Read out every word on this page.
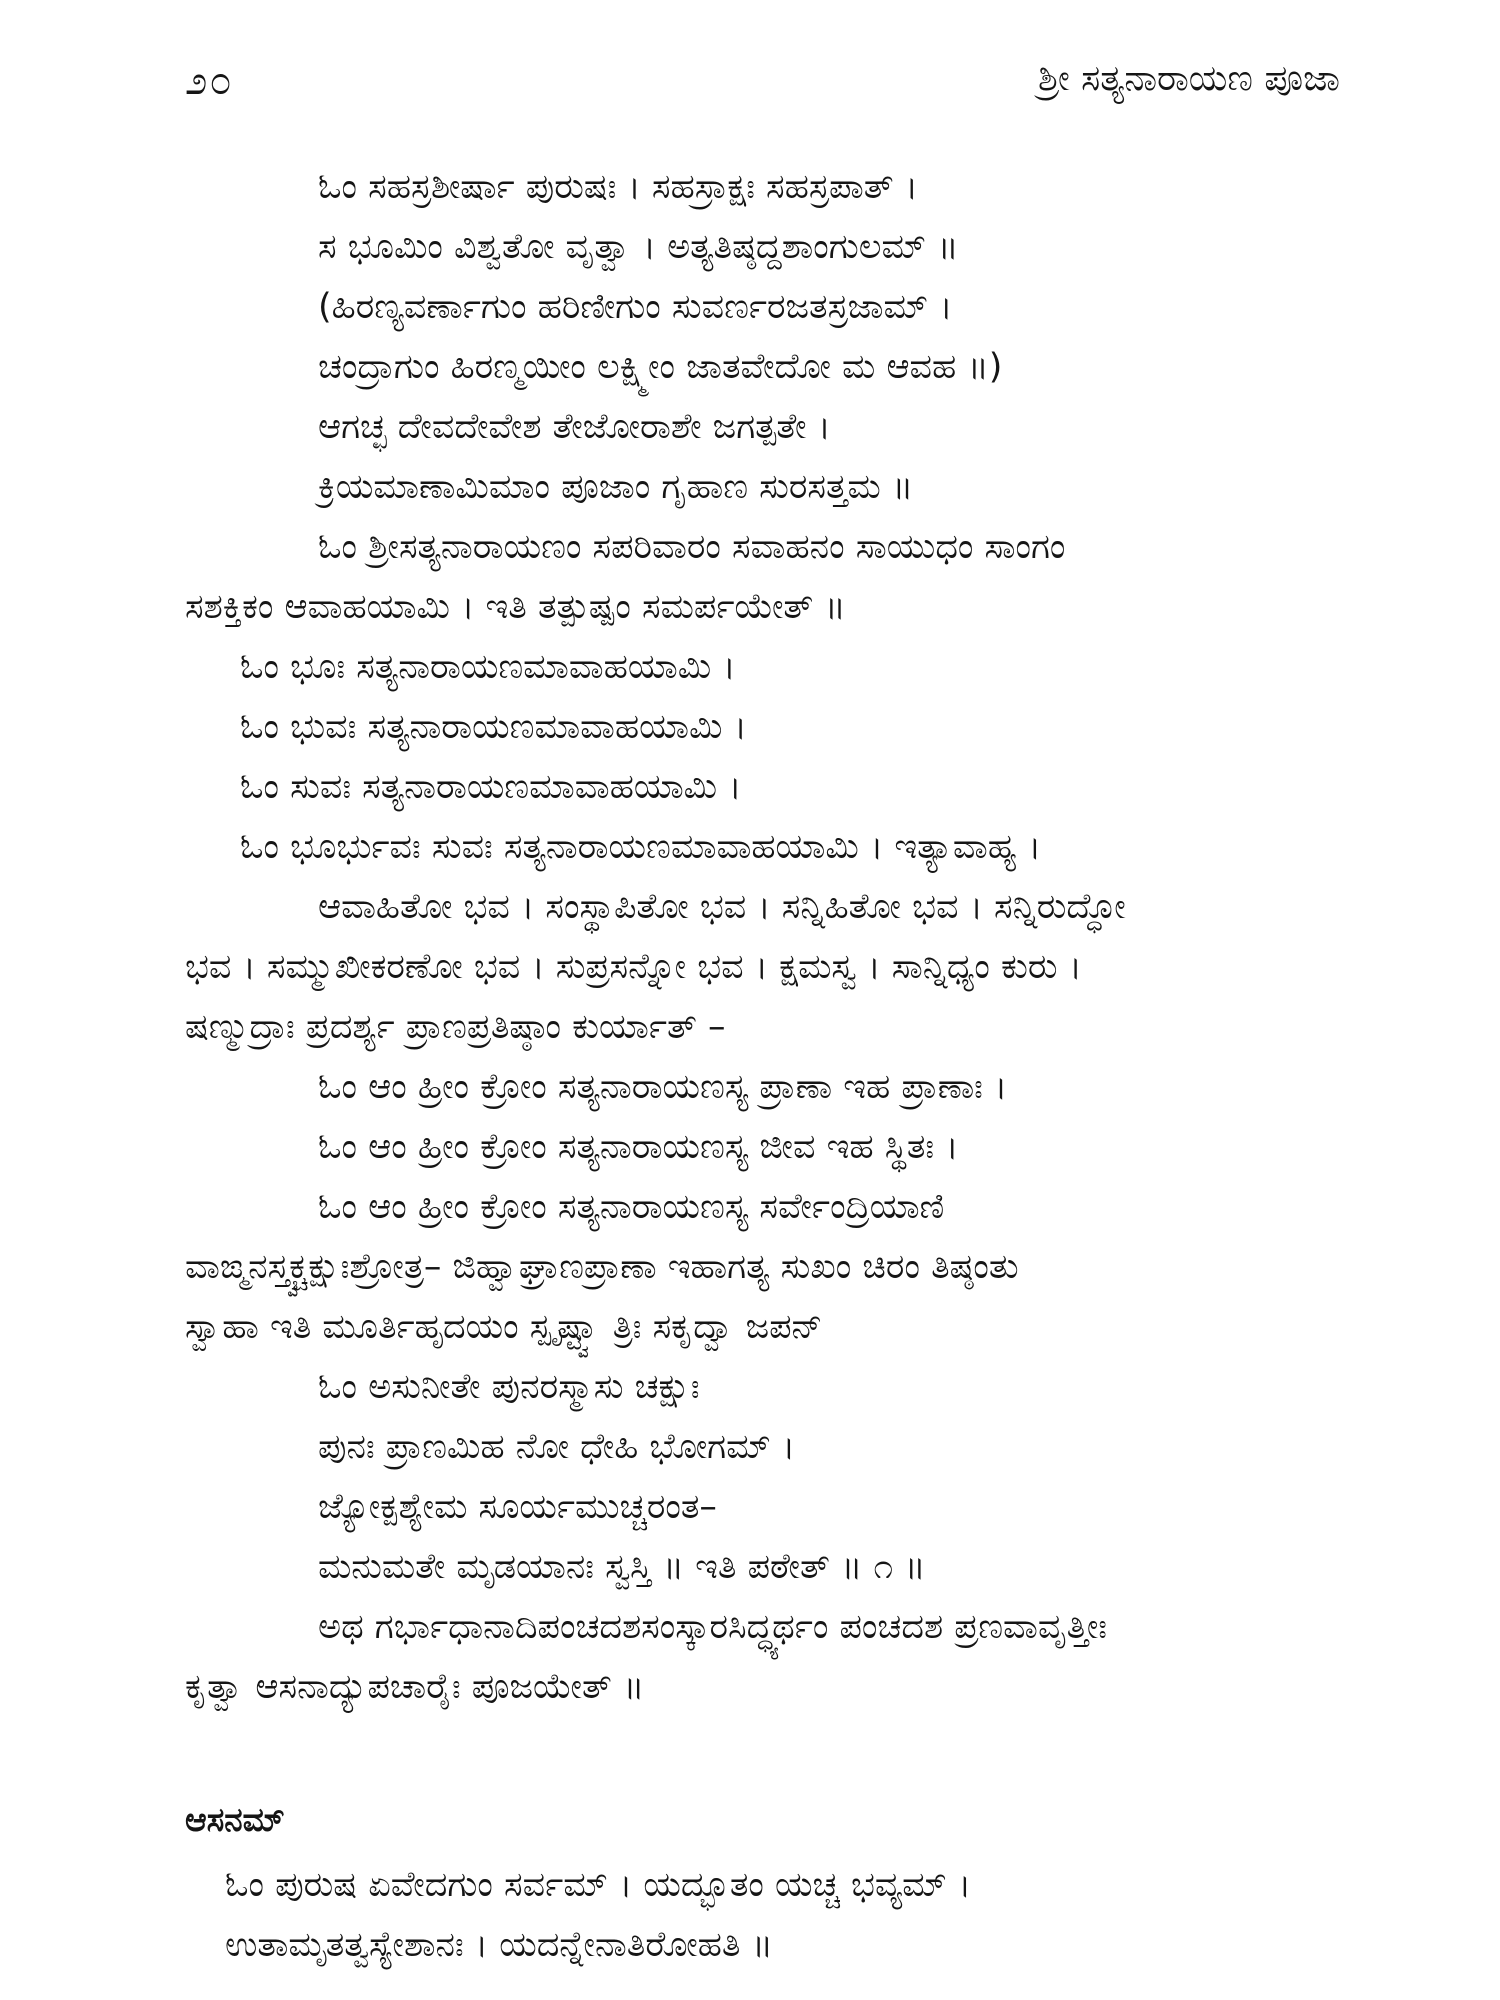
೨೦	ಶ್ರೀ ಸತ್ಯನಾರಾಯಣ ಪೂಜಾ
ಓಂ ಸಹಸ್ರಶೀರ್ಷಾ ಪುರುಷಃ । ಸಹಸ್ರಾಕ್ಷಃ ಸಹಸ್ರಪಾತ್ ।
ಸ ಭೂಮಿಂ ವಿಶ್ವತೋ ವೃತ್ವಾ । ಅತ್ಯತಿಷ್ಠದ್ದಶಾಂಗುಲಮ್ ॥
(ಹಿರಣ್ಯವರ್ಣಾಗುಂ ಹರಿಣೀಗುಂ ಸುವರ್ಣರಜತಸ್ರಜಾಮ್ ।
ಚಂದ್ರಾಗುಂ ಹಿರಣ್ಮಯೀಂ ಲಕ್ಷ್ಮೀಂ ಜಾತವೇದೋ ಮ ಆವಹ ॥)
ಆಗಚ್ಛ ದೇವದೇವೇಶ ತೇಜೋರಾಶೇ ಜಗತ್ಪತೇ ।
ಕ್ರಿಯಮಾಣಾಮಿಮಾಂ ಪೂಜಾಂ ಗೃಹಾಣ ಸುರಸತ್ತಮ ॥
ಓಂ ಶ್ರೀಸತ್ಯನಾರಾಯಣಂ ಸಪರಿವಾರಂ ಸವಾಹನಂ ಸಾಯುಧಂ ಸಾಂಗಂ
ಸಶಕ್ತಿಕಂ ಆವಾಹಯಾಮಿ । ಇತಿ ತತ್ಪುಷ್ಪಂ ಸಮರ್ಪಯೇತ್ ॥
ಓಂ ಭೂಃ ಸತ್ಯನಾರಾಯಣಮಾವಾಹಯಾಮಿ ।
ಓಂ ಭುವಃ ಸತ್ಯನಾರಾಯಣಮಾವಾಹಯಾಮಿ ।
ಓಂ ಸುವಃ ಸತ್ಯನಾರಾಯಣಮಾವಾಹಯಾಮಿ ।
ಓಂ ಭೂರ್ಭುವಃ ಸುವಃ ಸತ್ಯನಾರಾಯಣಮಾವಾಹಯಾಮಿ । ಇತ್ಯಾವಾಹ್ಯ ।
ಆವಾಹಿತೋ ಭವ । ಸಂಸ್ಥಾಪಿತೋ ಭವ । ಸನ್ನಿಹಿತೋ ಭವ । ಸನ್ನಿರುದ್ಧೋ
ಭವ । ಸಮ್ಮುಖೀಕರಣೋ ಭವ । ಸುಪ್ರಸನ್ನೋ ಭವ । ಕ್ಷಮಸ್ವ । ಸಾನ್ನಿಧ್ಯಂ ಕುರು ।
ಷಣ್ಮುದ್ರಾಃ ಪ್ರದರ್ಶ್ಯ ಪ್ರಾಣಪ್ರತಿಷ್ಠಾಂ ಕುರ್ಯಾತ್ –
ಓಂ ಆಂ ಹ್ರೀಂ ಕ್ರೋಂ ಸತ್ಯನಾರಾಯಣಸ್ಯ ಪ್ರಾಣಾ ಇಹ ಪ್ರಾಣಾಃ ।
ಓಂ ಆಂ ಹ್ರೀಂ ಕ್ರೋಂ ಸತ್ಯನಾರಾಯಣಸ್ಯ ಜೀವ ಇಹ ಸ್ಥಿತಃ ।
ಓಂ ಆಂ ಹ್ರೀಂ ಕ್ರೋಂ ಸತ್ಯನಾರಾಯಣಸ್ಯ ಸರ್ವೇಂದ್ರಿಯಾಣಿ
ವಾಙ್ಮನಸ್ತ್ವಕ್ಚಕ್ಷುಃಶ್ರೋತ್ರ– ಜಿಹ್ವಾಘ್ರಾಣಪ್ರಾಣಾ ಇಹಾಗತ್ಯ ಸುಖಂ ಚಿರಂ ತಿಷ್ಠಂತು
ಸ್ವಾಹಾ ಇತಿ ಮೂರ್ತಿಹೃದಯಂ ಸ್ಪೃಷ್ಟ್ವಾ ತ್ರಿಃ ಸಕೃದ್ವಾ ಜಪನ್
ಓಂ ಅಸುನೀತೇ ಪುನರಸ್ಮಾಸು ಚಕ್ಷುಃ
ಪುನಃ ಪ್ರಾಣಮಿಹ ನೋ ಧೇಹಿ ಭೋಗಮ್ ।
ಜ್ಯೋಕ್ಪಶ್ಯೇಮ ಸೂರ್ಯಮುಚ್ಚರಂತ–
ಮನುಮತೇ ಮೃಡಯಾನಃ ಸ್ವಸ್ತಿ ॥ ಇತಿ ಪಠೇತ್ ॥ ೧ ॥
ಅಥ ಗರ್ಭಾಧಾನಾದಿಪಂಚದಶಸಂಸ್ಕಾರಸಿದ್ಧ್ಯರ್ಥಂ ಪಂಚದಶ ಪ್ರಣವಾವೃತ್ತೀಃ
ಕೃತ್ವಾ ಆಸನಾದ್ಯುಪಚಾರೈಃ ಪೂಜಯೇತ್ ॥
ಆಸನಮ್
ಓಂ ಪುರುಷ ಏವೇದಗುಂ ಸರ್ವಮ್ । ಯದ್ಭೂತಂ ಯಚ್ಚ ಭವ್ಯಮ್ ।
ಉತಾಮೃತತ್ವಸ್ಯೇಶಾನಃ । ಯದನ್ನೇನಾತಿರೋಹತಿ ॥
